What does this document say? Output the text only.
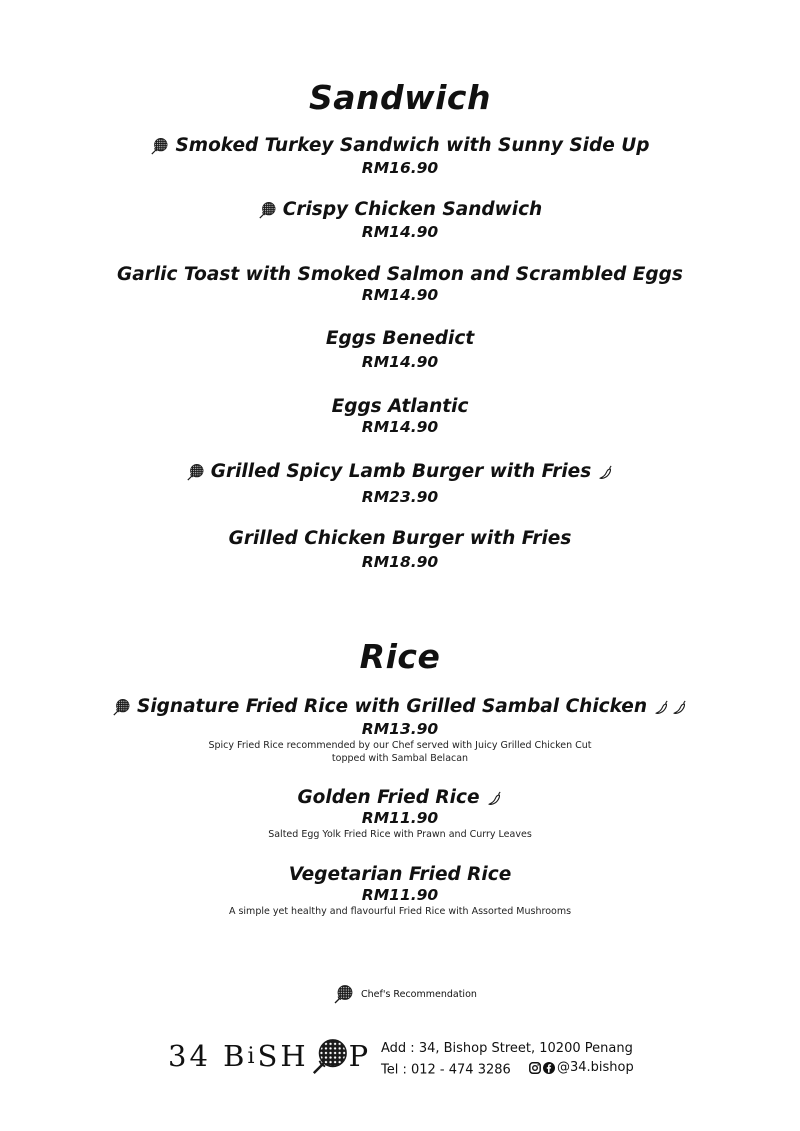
Sandwich
Smoked Turkey Sandwich with Sunny Side Up
RM16.90
Crispy Chicken Sandwich
RM14.90
Garlic Toast with Smoked Salmon and Scrambled Eggs
RM14.90
Eggs Benedict
RM14.90
Eggs Atlantic
RM14.90
Grilled Spicy Lamb Burger with Fries
RM23.90
Grilled Chicken Burger with Fries
RM18.90
Rice
Signature Fried Rice with Grilled Sambal Chicken
RM13.90
Spicy Fried Rice recommended by our Chef served with Juicy Grilled Chicken Cut
topped with Sambal Belacan
Golden Fried Rice
RM11.90
Salted Egg Yolk Fried Rice with Prawn and Curry Leaves
Vegetarian Fried Rice
RM11.90
A simple yet healthy and flavourful Fried Rice with Assorted Mushrooms
Chef's Recommendation
34 B i SH P Add : 34, Bishop Street, 10200 Penang
Tel : 012 - 474 3286	@34.bishop
